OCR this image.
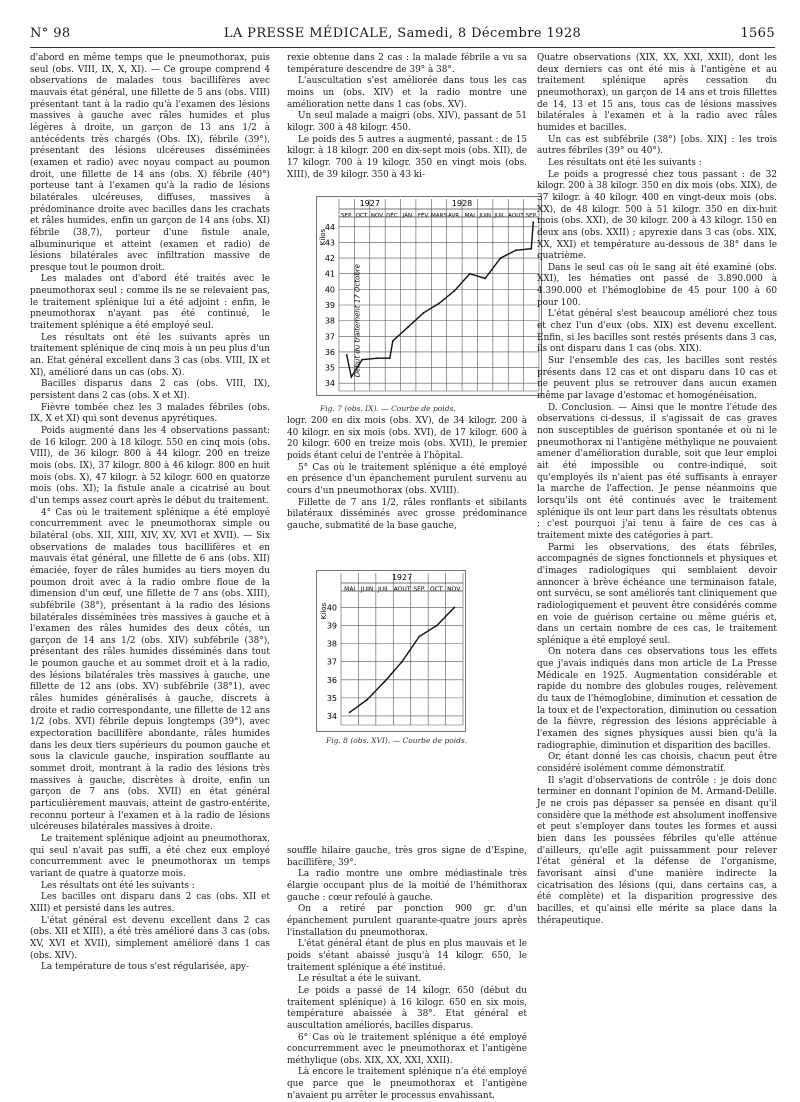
N° 98	LA PRESSE MÉDICALE, Samedi, 8 Décembre 1928	1565

d'abord en même temps que le pneumothorax, puis seul (obs. VIII, IX, X, XI). — Ce groupe comprend 4 observations de malades tous bacillifères avec mauvais état général, une fillette de 5 ans (obs. VIII) présentant tant à la radio qu'à l'examen des lésions massives à gauche avec râles humides et plus légères à droite, un garçon de 13 ans 1/2 à antécédents très chargés (Obs. IX), fébrile (39°), présentant des lésions ulcéreuses disséminées (examen et radio) avec noyau compact au poumon droit, une fillette de 14 ans (obs. X) fébrile (40°) porteuse tant à l'examen qu'à la radio de lésions bilatérales ulcéreuses, diffuses, massives à prédominance droite avec bacilles dans les crachats et râles humides, enfin un garçon de 14 ans (obs. XI) fébrile (38,7), porteur d'une fistule anale, albuminurique et atteint (examen et radio) de lésions bilatérales avec infiltration massive de presque tout le poumon droit.

Les malades ont d'abord été traités avec le pneumothorax seul : comme ils ne se relevaient pas, le traitement splénique lui a été adjoint : enfin, le pneumothorax n'ayant pas été continué, le traitement splénique a été employé seul.

Les résultats ont été les suivants après un traitement splénique de cinq mois à un peu plus d'un an. Etat général excellent dans 3 cas (obs. VIII, IX et XI), amélioré dans un cas (obs. X).

Bacilles disparus dans 2 cas (obs. VIII, IX), persistent dans 2 cas (obs. X et XI).

Fièvre tombée chez les 3 malades fébriles (obs. IX, X et XI) qui sont devenus apyrétiques.

Poids augmenté dans les 4 observations passant: de 16 kilogr. 200 à 18 kilogr. 550 en cinq mois (obs. VIII), de 36 kilogr. 800 à 44 kilogr. 200 en treize mois (obs. IX), 37 kilogr. 800 à 46 kilogr. 800 en huit mois (obs. X), 47 kilogr. à 52 kilogr. 600 en quatorze mois (obs. XI); la fistule anale a cicatrisé au bout d'un temps assez court après le début du traitement.

4° Cas où le traitement splénique a été employé concurremment avec le pneumothorax simple ou bilatéral (obs. XII, XIII, XIV, XV, XVI et XVII). — Six observations de malades tous bacillifères et en mauvais état général, une fillette de 6 ans (obs. XII) émaciée, foyer de râles humides au tiers moyen du poumon droit avec à la radio ombre floue de la dimension d'un œuf, une fillette de 7 ans (obs. XIII), subfébrile (38°), présentant à la radio des lésions bilatérales disséminées très massives à gauche et à l'examen des râles humides des deux côtés, un garçon de 14 ans 1/2 (obs. XIV) subfébrile (38°), présentant des râles humides disséminés dans tout le poumon gauche et au sommet droit et à la radio, des lésions bilatérales très massives à gauche, une fillette de 12 ans (obs. XV) subfébrile (38°1), avec râles humides généralisés à gauche, discrets à droite et radio correspondante, une fillette de 12 ans 1/2 (obs. XVI) fébrile depuis longtemps (39°), avec expectoration bacillifère abondante, râles humides dans les deux tiers supérieurs du poumon gauche et sous la clavicule gauche, inspiration soufflante au sommet droit, montrant à la radio des lésions très massives à gauche, discrètes à droite, enfin un garçon de 7 ans (obs. XVII) en état général particulièrement mauvais, atteint de gastro-entérite, reconnu porteur à l'examen et à la radio de lésions ulcéreuses bilatérales massives à droite.

Le traitement splénique adjoint au pneumothorax, qui seul n'avait pas suffi, a été chez eux employé concurremment avec le pneumothorax un temps variant de quatre à quatorze mois.

Les résultats ont été les suivants :

Les bacilles ont disparu dans 2 cas (obs. XII et XIII) et persisté dans les autres.

L'état général est devenu excellent dans 2 cas (obs. XII et XIII), a été très amélioré dans 3 cas (obs. XV, XVI et XVII), simplement amélioré dans 1 cas (obs. XIV).

La température de tous s'est régularisée, apy-

rexie obtenue dans 2 cas : la malade fébrile a vu sa température descendre de 39° à 38°.

L'auscultation s'est améliorée dans tous les cas moins un (obs. XIV) et la radio montre une amélioration nette dans 1 cas (obs. XV).

Un seul malade a maigri (obs. XIV), passant de 51 kilogr. 300 à 48 kilogr. 450.

Le poids des 5 autres a augmenté, passant : de 15 kilogr. à 18 kilogr. 200 en dix-sept mois (obs. XII), de 17 kilogr. 700 à 19 kilogr. 350 en vingt mois (obs. XIII), de 39 kilogr. 350 à 43 ki-

1927	1928
SEP. OCT. NOV. DÉC. JAN. FÉV. MARS AVR. MAI JUIN JUIL. AOUT SEP.
34
35
36
37
38
39
40
41
42
43
44
Kilos
Début du traitement 17 Octobre
Fig. 7 (obs. IX). — Courbe de poids.

logr. 200 en dix mois (obs. XV), de 34 kilogr. 200 à 40 kilogr. en six mois (obs. XVI), de 17 kilogr. 600 à 20 kilogr. 600 en treize mois (obs. XVII), le premier poids étant celui de l'entrée à l'hôpital.

5° Cas où le traitement splénique a été employé en présence d'un épanchement purulent survenu au cours d'un pneumothorax (obs. XVIII).

Fillette de 7 ans 1/2, râles ronflants et sibilants bilatéraux disséminés avec grosse prédominance gauche, submatité de la base gauche,

1927
MAI JUIN JUIL. AOUT SEP. OCT. NOV.
34
35
36
37
38
39
40
Kilos
Fig. 8 (obs. XVI). — Courbe de poids.

souffle hilaire gauche, très gros signe de d'Espine, bacillifère, 39°.

La radio montre une ombre médiastinale très élargie occupant plus de la moitié de l'hémithorax gauche : cœur refoulé à gauche.

On a retiré par ponction 900 gr. d'un épanchement purulent quarante-quatre jours après l'installation du pneumothorax.

L'état général étant de plus en plus mauvais et le poids s'étant abaissé jusqu'à 14 kilogr. 650, le traitement splénique a été institué.

Le résultat a été le suivant.

Le poids a passé de 14 kilogr. 650 (début du traitement splénique) à 16 kilogr. 650 en six mois, température abaissée à 38°. Etat général et auscultation améliorés, bacilles disparus.

6° Cas où le traitement splénique a été employé concurremment avec le pneumothorax et l'antigène méthylique (obs. XIX, XX, XXI, XXII).

Là encore le traitement splénique n'a été employé que parce que le pneumothorax et l'antigène n'avaient pu arrêter le processus envahissant.

Quatre observations (XIX, XX, XXI, XXII), dont les deux derniers cas ont été mis à l'antigène et au traitement splénique après cessation du pneumothorax), un garçon de 14 ans et trois fillettes de 14, 13 et 15 ans, tous cas de lésions massives bilatérales à l'examen et à la radio avec râles humides et bacilles.

Un cas est subfébrile (38°) [obs. XIX] : les trois autres fébriles (39° ou 40°).

Les résultats ont été les suivants :

Le poids a progressé chez tous passant : de 32 kilogr. 200 à 38 kilogr. 350 en dix mois (obs. XIX), de 37 kilogr. à 40 kilogr. 400 en vingt-deux mois (obs. XX), de 48 kilogr. 500 à 51 kilogr. 350 en dix-huit mois (obs. XXI), de 30 kilogr. 200 à 43 kilogr. 150 en deux ans (obs. XXII) ; apyrexie dans 3 cas (obs. XIX, XX, XXI) et température au-dessous de 38° dans le quatrième.

Dans le seul cas où le sang ait été examiné (obs. XXI), les hématies ont passé de 3.890.000 à 4.390.000 et l'hémoglobine de 45 pour 100 à 60 pour 100.

L'état général s'est beaucoup amélioré chez tous et chez l'un d'eux (obs. XIX) est devenu excellent. Enfin, si les bacilles sont restés présents dans 3 cas, ils ont disparu dans 1 cas (obs. XIX).

Sur l'ensemble des cas, les bacilles sont restés présents dans 12 cas et ont disparu dans 10 cas et ne peuvent plus se retrouver dans aucun examen même par lavage d'estomac et homogénéisation.

D. Conclusion. — Ainsi que le montre l'étude des observations ci-dessus, il s'agissait de cas graves non susceptibles de guérison spontanée et où ni le pneumothorax ni l'antigène méthylique ne pouvaient amener d'amélioration durable, soit que leur emploi ait été impossible ou contre-indiqué, soit qu'employés ils n'aient pas été suffisants à enrayer la marche de l'affection. Je pense néanmoins que lorsqu'ils ont été continués avec le traitement splénique ils ont leur part dans les résultats obtenus ; c'est pourquoi j'ai tenu à faire de ces cas à traitement mixte des catégories à part.

Parmi les observations, des états fébriles, accompagnés de signes fonctionnels et physiques et d'images radiologiques qui semblaient devoir annoncer à brève échéance une terminaison fatale, ont survécu, se sont améliorés tant cliniquement que radiologiquement et peuvent être considérés comme en voie de guérison certaine ou même guéris et, dans un certain nombre de ces cas, le traitement splénique a été employé seul.

On notera dans ces observations tous les effets que j'avais indiqués dans mon article de La Presse Médicale en 1925. Augmentation considérable et rapide du nombre des globules rouges, relèvement du taux de l'hémoglobine, diminution et cessation de la toux et de l'expectoration, diminution ou cessation de la fièvre, régression des lésions appréciable à l'examen des signes physiques aussi bien qu'à la radiographie, diminution et disparition des bacilles.

Or, étant donné les cas choisis, chacun peut être considéré isolément comme démonstratif.

Il s'agit d'observations de contrôle : je dois donc terminer en donnant l'opinion de M. Armand-Delille. Je ne crois pas dépasser sa pensée en disant qu'il considère que la méthode est absolument inoffensive et peut s'employer dans toutes les formes et aussi bien dans les poussées fébriles qu'elle atténue d'ailleurs, qu'elle agit puissamment pour relever l'état général et la défense de l'organisme, favorisant ainsi d'une manière indirecte la cicatrisation des lésions (qui, dans certains cas, a été complète) et la disparition progressive des bacilles, et qu'ainsi elle mérite sa place dans la thérapeutique.
